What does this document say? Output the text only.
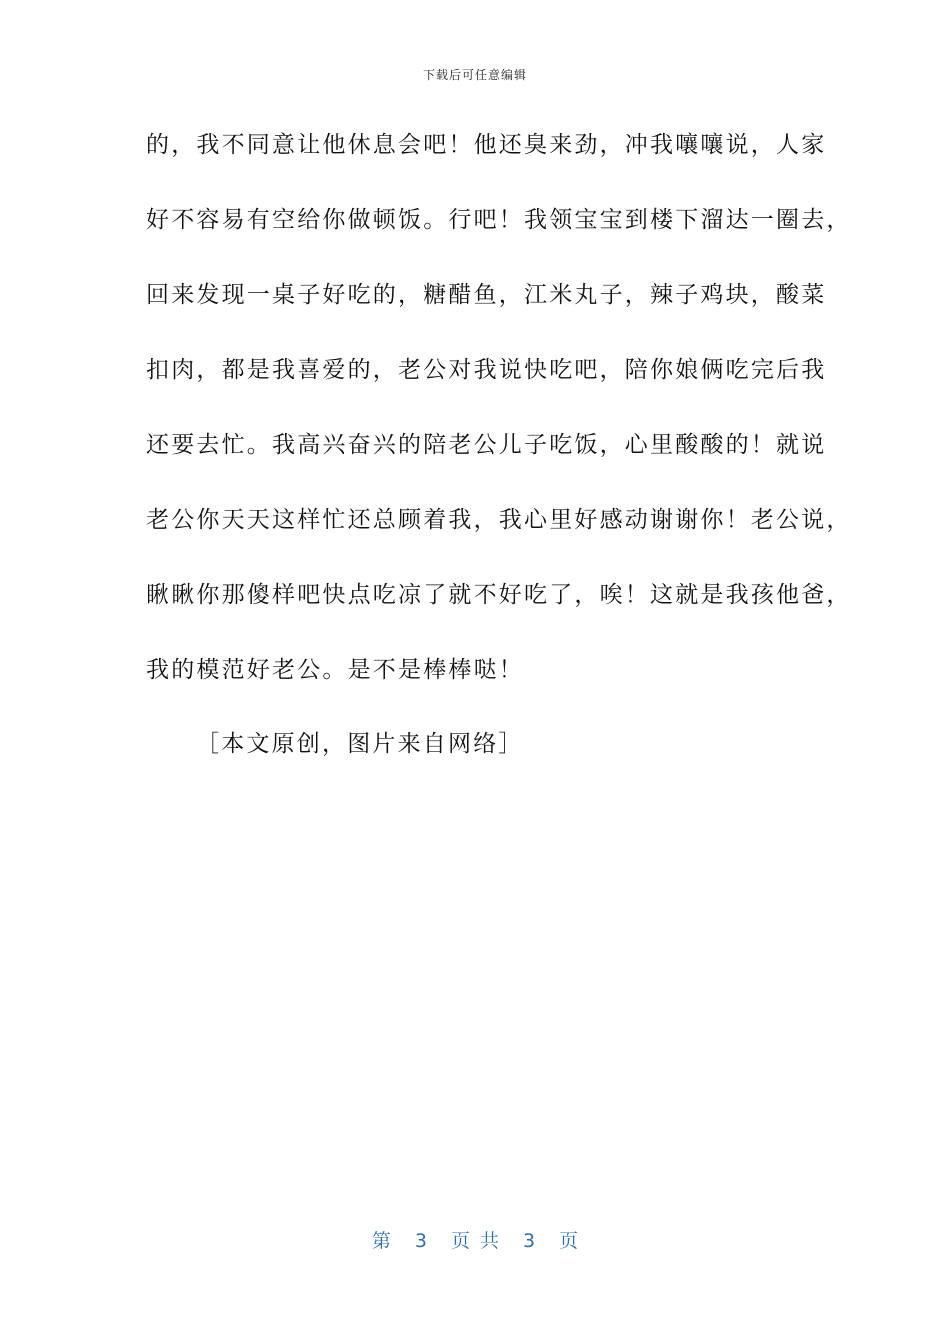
下载后可任意编辑
的，我不同意让他休息会吧！他还臭来劲，冲我嚷嚷说，人家
好不容易有空给你做顿饭。行吧！我领宝宝到楼下溜达一圈去，
回来发现一桌子好吃的，糖醋鱼，江米丸子，辣子鸡块，酸菜
扣肉，都是我喜爱的，老公对我说快吃吧，陪你娘俩吃完后我
还要去忙。我高兴奋兴的陪老公儿子吃饭，心里酸酸的！就说
老公你天天这样忙还总顾着我，我心里好感动谢谢你！老公说，
瞅瞅你那傻样吧快点吃凉了就不好吃了，唉！这就是我孩他爸，
我的模范好老公。是不是棒棒哒！
［本文原创，图片来自网络］
第 3 页 共 3 页
